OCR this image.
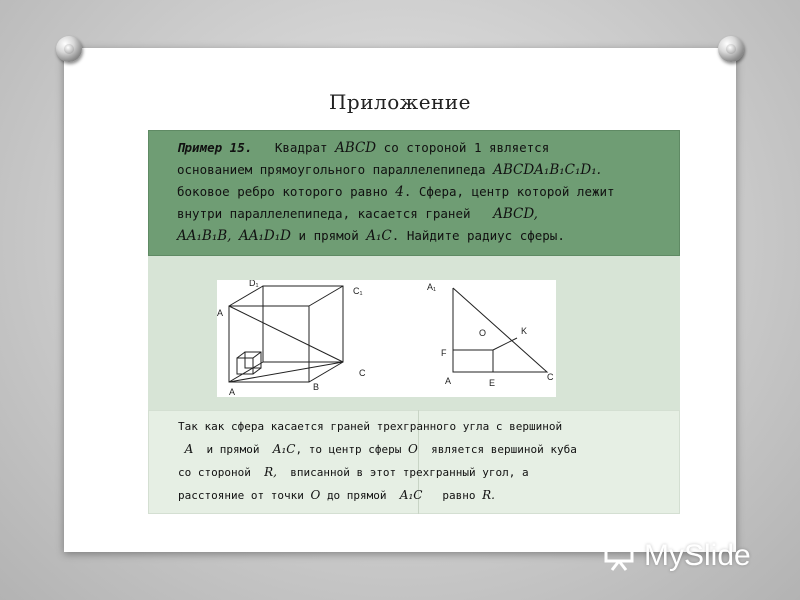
Приложение
Пример 15. Квадрат ABCD со стороной 1 является
основанием прямоугольного параллелепипеда ABCDA₁B₁C₁D₁.
боковое ребро которого равно 4. Сфера, центр которой лежит
внутри параллелепипеда, касается граней ABCD,
AA₁B₁B, AA₁D₁D и прямой A₁C. Найдите радиус сферы.
D₁
C₁
A
C
A	B
A₁
O	K
F
A	E
C
Так как сфера касается граней трехгранного угла с вершиной
A и прямой A₁C, то центр сферы O является вершиной куба
со стороной R, вписанной в этот трехгранный угол, а
расстояние от точки O до прямой A₁C равно R.
MySlide
